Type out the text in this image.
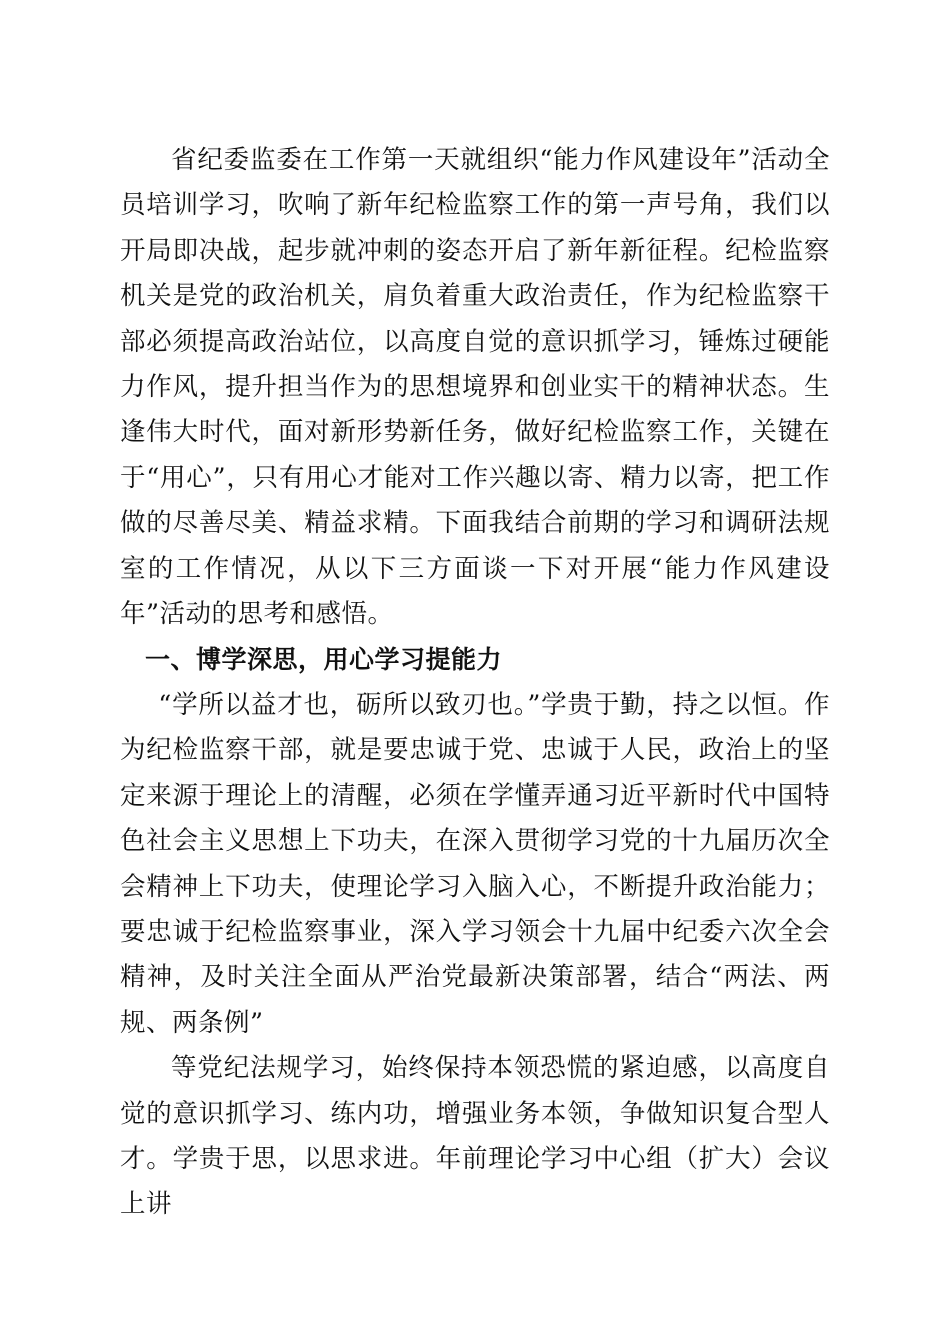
省纪委监委在工作第一天就组织“能力作风建设年”活动全员培训学习，吹响了新年纪检监察工作的第一声号角，我们以开局即决战，起步就冲刺的姿态开启了新年新征程。纪检监察机关是党的政治机关，肩负着重大政治责任，作为纪检监察干部必须提高政治站位，以高度自觉的意识抓学习，锤炼过硬能力作风，提升担当作为的思想境界和创业实干的精神状态。生逢伟大时代，面对新形势新任务，做好纪检监察工作，关键在于“用心”，只有用心才能对工作兴趣以寄、精力以寄，把工作做的尽善尽美、精益求精。下面我结合前期的学习和调研法规室的工作情况，从以下三方面谈一下对开展“能力作风建设年”活动的思考和感悟。

一、博学深思，用心学习提能力

“学所以益才也，砺所以致刃也。”学贵于勤，持之以恒。作为纪检监察干部，就是要忠诚于党、忠诚于人民，政治上的坚定来源于理论上的清醒，必须在学懂弄通习近平新时代中国特色社会主义思想上下功夫，在深入贯彻学习党的十九届历次全会精神上下功夫，使理论学习入脑入心，不断提升政治能力；要忠诚于纪检监察事业，深入学习领会十九届中纪委六次全会精神，及时关注全面从严治党最新决策部署，结合“两法、两规、两条例”

等党纪法规学习，始终保持本领恐慌的紧迫感，以高度自觉的意识抓学习、练内功，增强业务本领，争做知识复合型人才。学贵于思，以思求进。年前理论学习中心组（扩大）会议上讲
